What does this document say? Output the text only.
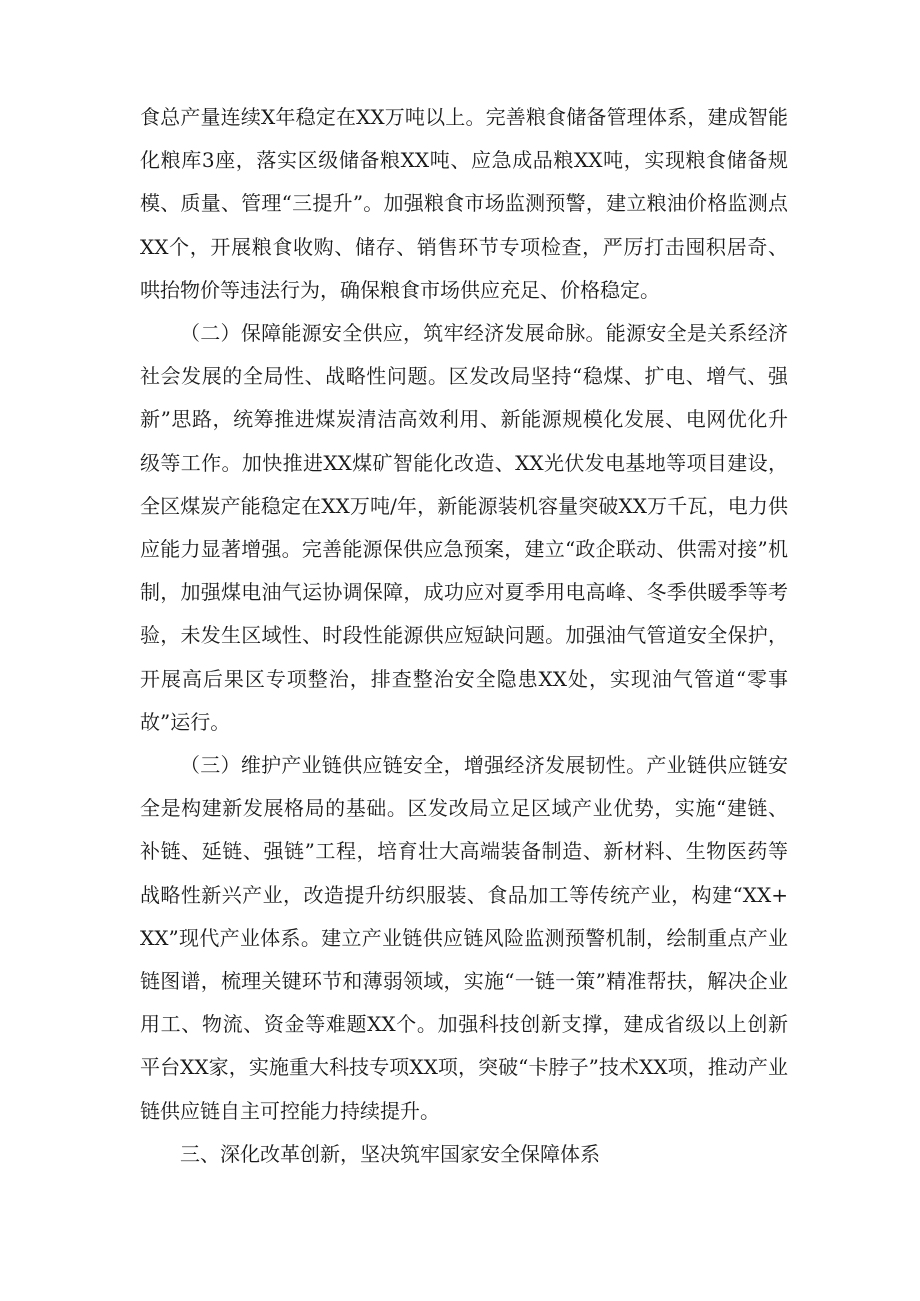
食总产量连续X年稳定在XX万吨以上。完善粮食储备管理体系，建成智能化粮库3座，落实区级储备粮XX吨、应急成品粮XX吨，实现粮食储备规模、质量、管理“三提升”。加强粮食市场监测预警，建立粮油价格监测点XX个，开展粮食收购、储存、销售环节专项检查，严厉打击囤积居奇、哄抬物价等违法行为，确保粮食市场供应充足、价格稳定。

（二）保障能源安全供应，筑牢经济发展命脉。能源安全是关系经济社会发展的全局性、战略性问题。区发改局坚持“稳煤、扩电、增气、强新”思路，统筹推进煤炭清洁高效利用、新能源规模化发展、电网优化升级等工作。加快推进XX煤矿智能化改造、XX光伏发电基地等项目建设，全区煤炭产能稳定在XX万吨/年，新能源装机容量突破XX万千瓦，电力供应能力显著增强。完善能源保供应急预案，建立“政企联动、供需对接”机制，加强煤电油气运协调保障，成功应对夏季用电高峰、冬季供暖季等考验，未发生区域性、时段性能源供应短缺问题。加强油气管道安全保护，开展高后果区专项整治，排查整治安全隐患XX处，实现油气管道“零事故”运行。

（三）维护产业链供应链安全，增强经济发展韧性。产业链供应链安全是构建新发展格局的基础。区发改局立足区域产业优势，实施“建链、补链、延链、强链”工程，培育壮大高端装备制造、新材料、生物医药等战略性新兴产业，改造提升纺织服装、食品加工等传统产业，构建“XX+XX”现代产业体系。建立产业链供应链风险监测预警机制，绘制重点产业链图谱，梳理关键环节和薄弱领域，实施“一链一策”精准帮扶，解决企业用工、物流、资金等难题XX个。加强科技创新支撑，建成省级以上创新平台XX家，实施重大科技专项XX项，突破“卡脖子”技术XX项，推动产业链供应链自主可控能力持续提升。

三、深化改革创新，坚决筑牢国家安全保障体系
